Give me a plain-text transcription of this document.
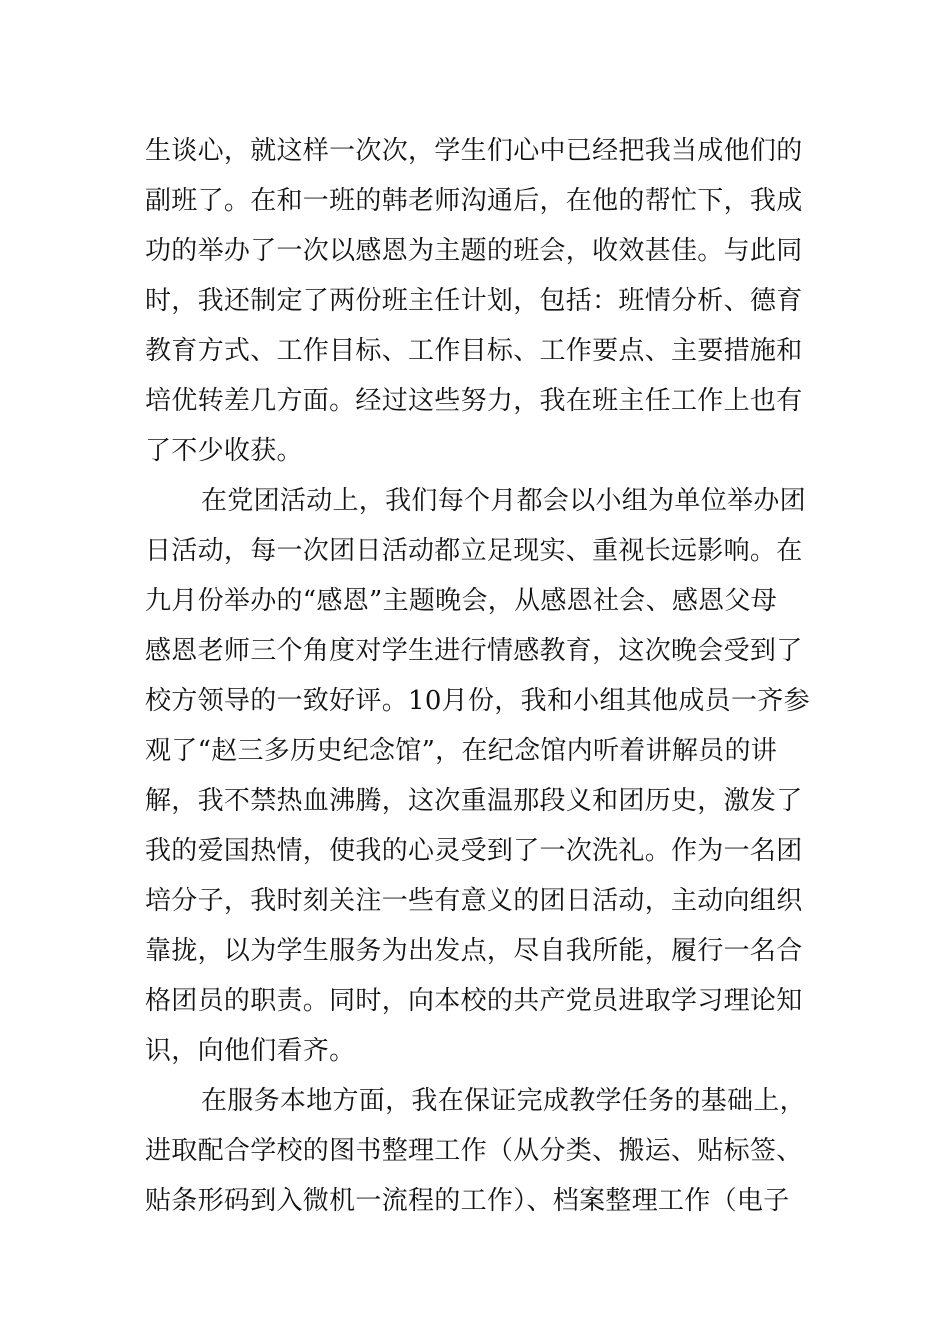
生谈心，就这样一次次，学生们心中已经把我当成他们的
副班了。在和一班的韩老师沟通后，在他的帮忙下，我成
功的举办了一次以感恩为主题的班会，收效甚佳。与此同
时，我还制定了两份班主任计划，包括：班情分析、德育
教育方式、工作目标、工作目标、工作要点、主要措施和
培优转差几方面。经过这些努力，我在班主任工作上也有
了不少收获。
在党团活动上，我们每个月都会以小组为单位举办团
日活动，每一次团日活动都立足现实、重视长远影响。在
九月份举办的“感恩”主题晚会，从感恩社会、感恩父母
感恩老师三个角度对学生进行情感教育，这次晚会受到了
校方领导的一致好评。10月份，我和小组其他成员一齐参
观了“赵三多历史纪念馆”，在纪念馆内听着讲解员的讲
解，我不禁热血沸腾，这次重温那段义和团历史，激发了
我的爱国热情，使我的心灵受到了一次洗礼。作为一名团
培分子，我时刻关注一些有意义的团日活动，主动向组织
靠拢，以为学生服务为出发点，尽自我所能，履行一名合
格团员的职责。同时，向本校的共产党员进取学习理论知
识，向他们看齐。
在服务本地方面，我在保证完成教学任务的基础上，
进取配合学校的图书整理工作（从分类、搬运、贴标签、
贴条形码到入微机一流程的工作）、档案整理工作（电子
